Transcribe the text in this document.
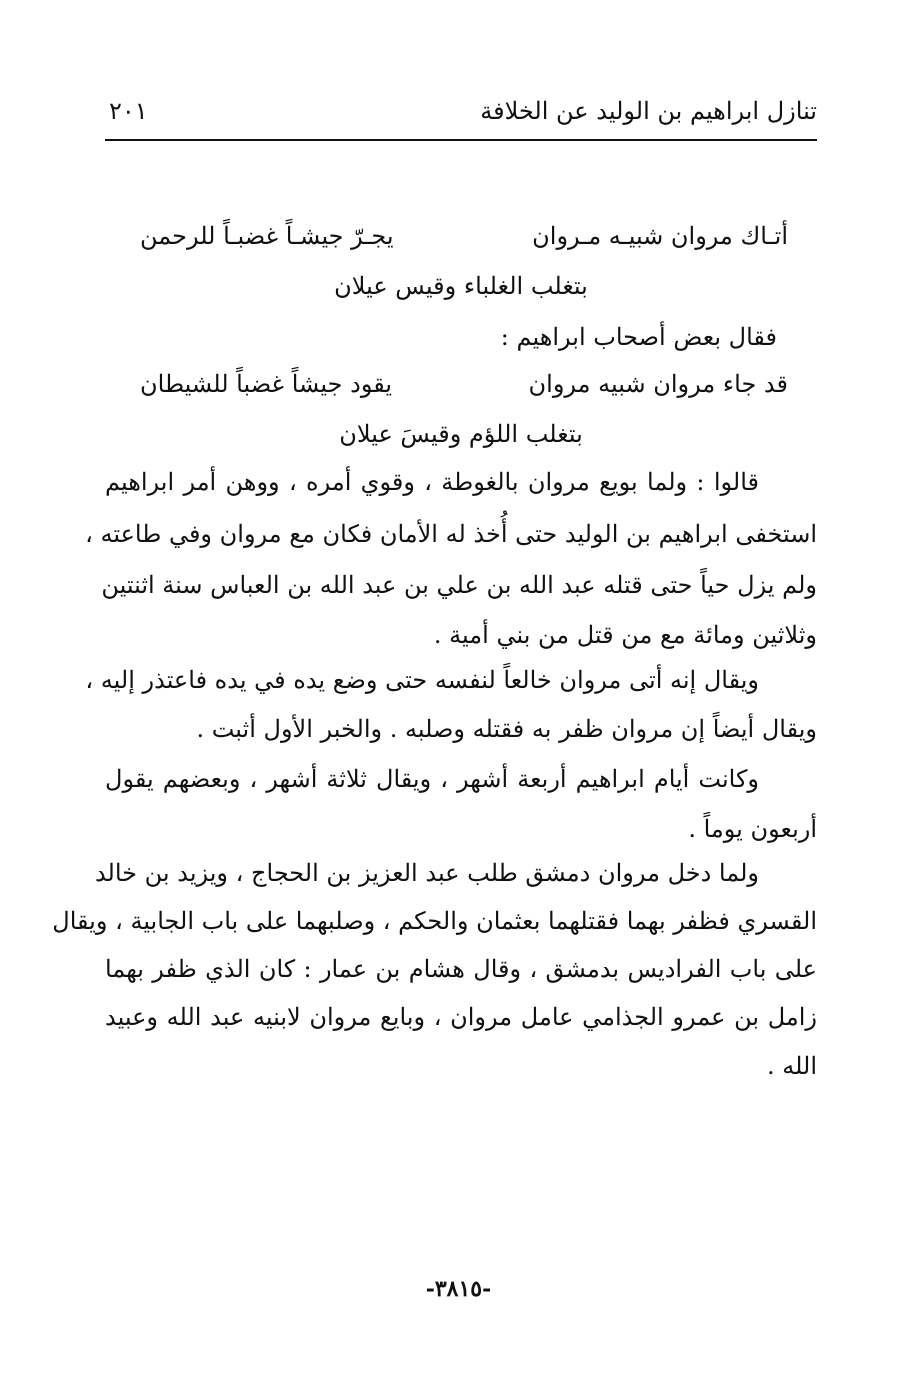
تنازل ابراهيم بن الوليد عن الخلافة
٢٠١
أتـاك مروان شبيـه مـروان
يجـرّ جيشـاً غضبـاً للرحمن
بتغلب الغلباء وقيس عيلان
فقال بعض أصحاب ابراهيم :
قد جاء مروان شبيه مروان
يقود جيشاً غضباً للشيطان
بتغلب اللؤم وقيسَ عيلان
قالوا : ولما بويع مروان بالغوطة ، وقوي أمره ، ووهن أمر ابراهيم
استخفى ابراهيم بن الوليد حتى أُخذ له الأمان فكان مع مروان وفي طاعته ،
ولم يزل حياً حتى قتله عبد الله بن علي بن عبد الله بن العباس سنة اثنتين
وثلاثين ومائة مع من قتل من بني أمية .
ويقال إنه أتى مروان خالعاً لنفسه حتى وضع يده في يده فاعتذر إليه ،
ويقال أيضاً إن مروان ظفر به فقتله وصلبه . والخبر الأول أثبت .
وكانت أيام ابراهيم أربعة أشهر ، ويقال ثلاثة أشهر ، وبعضهم يقول
أربعون يوماً .
ولما دخل مروان دمشق طلب عبد العزيز بن الحجاج ، ويزيد بن خالد
القسري فظفر بهما فقتلهما بعثمان والحكم ، وصلبهما على باب الجابية ، ويقال
على باب الفراديس بدمشق ، وقال هشام بن عمار : كان الذي ظفر بهما
زامل بن عمرو الجذامي عامل مروان ، وبايع مروان لابنيه عبد الله وعبيد
الله .
-٣٨١٥-
